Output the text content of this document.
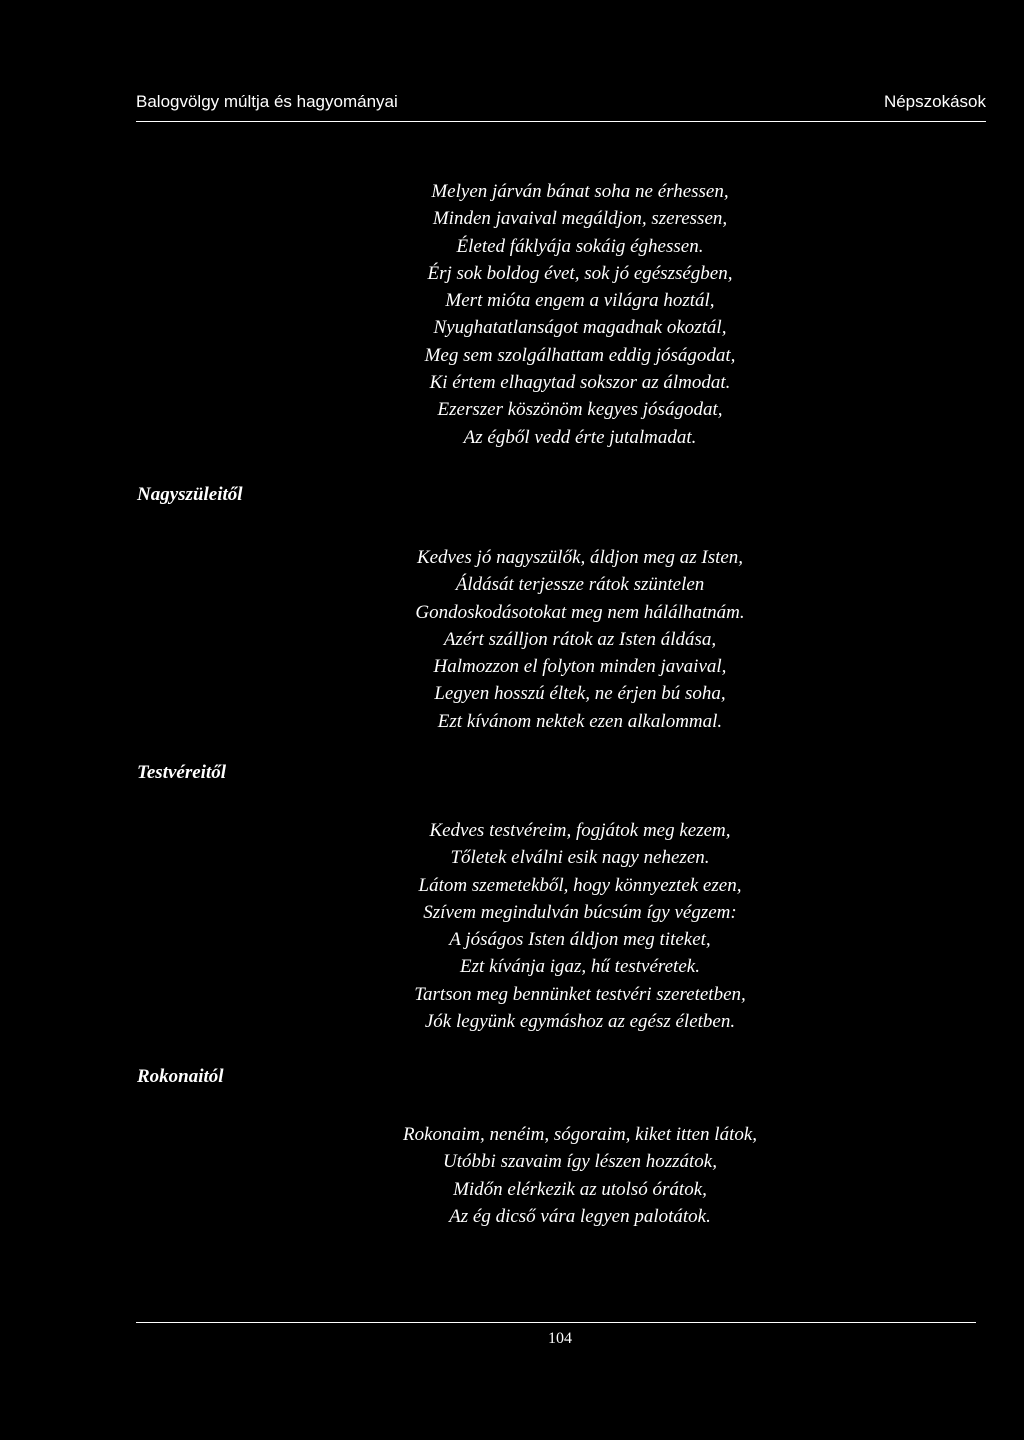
Balogvölgy múltja és hagyományai	Népszokások
Melyen járván bánat soha ne érhessen,
Minden javaival megáldjon, szeressen,
Életed fáklyája sokáig éghessen.
Érj sok boldog évet, sok jó egészségben,
Mert mióta engem a világra hoztál,
Nyughatatlanságot magadnak okoztál,
Meg sem szolgálhattam eddig jóságodat,
Ki értem elhagytad sokszor az álmodat.
Ezerszer köszönöm kegyes jóságodat,
Az égből vedd érte jutalmadat.
Nagyszüleitől
Kedves jó nagyszülők, áldjon meg az Isten,
Áldását terjessze rátok szüntelen
Gondoskodásotokat meg nem hálálhatnám.
Azért szálljon rátok az Isten áldása,
Halmozzon el folyton minden javaival,
Legyen hosszú éltek, ne érjen bú soha,
Ezt kívánom nektek ezen alkalommal.
Testvéreitől
Kedves testvéreim, fogjátok meg kezem,
Tőletek elválni esik nagy nehezen.
Látom szemetekből, hogy könnyeztek ezen,
Szívem megindulván búcsúm így végzem:
A jóságos Isten áldjon meg titeket,
Ezt kívánja igaz, hű testvéretek.
Tartson meg bennünket testvéri szeretetben,
Jók legyünk egymáshoz az egész életben.
Rokonaitól
Rokonaim, nenéim, sógoraim, kiket itten látok,
Utóbbi szavaim így lészen hozzátok,
Midőn elérkezik az utolsó órátok,
Az ég dicső vára legyen palotátok.
104
